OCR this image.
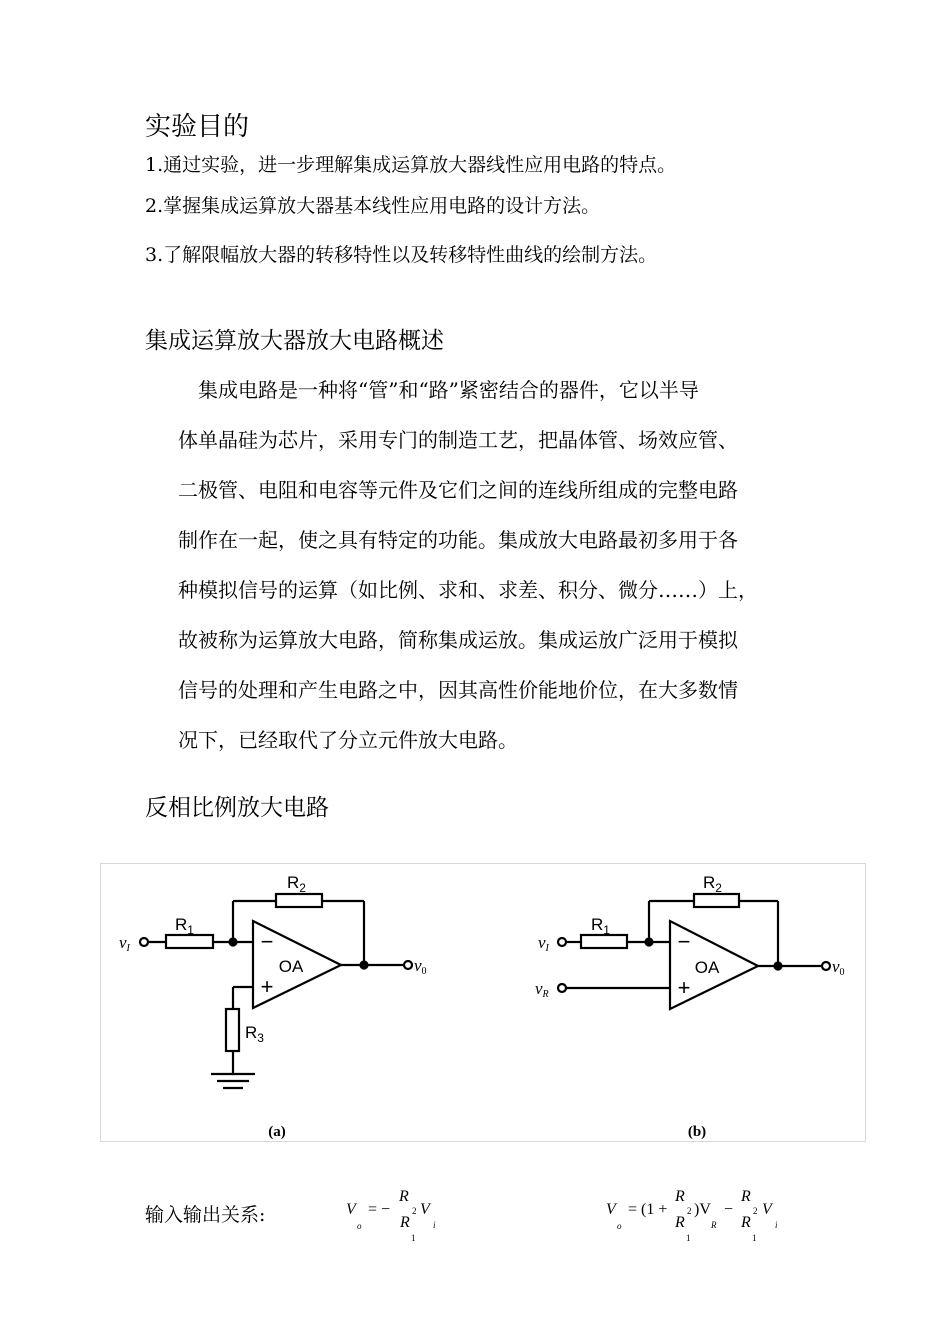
实验目的
1.通过实验，进一步理解集成运算放大器线性应用电路的特点。
2.掌握集成运算放大器基本线性应用电路的设计方法。
3.了解限幅放大器的转移特性以及转移特性曲线的绘制方法。
集成运算放大器放大电路概述
集成电路是一种将“管”和“路”紧密结合的器件，它以半导
体单晶硅为芯片，采用专门的制造工艺，把晶体管、场效应管、
二极管、电阻和电容等元件及它们之间的连线所组成的完整电路
制作在一起，使之具有特定的功能。集成放大电路最初多用于各
种模拟信号的运算（如比例、求和、求差、积分、微分……）上，
故被称为运算放大电路，简称集成运放。集成运放广泛用于模拟
信号的处理和产生电路之中，因其高性价能地价位，在大多数情
况下，已经取代了分立元件放大电路。
反相比例放大电路
−
+
OA
$R_1$
$R_2$
$R_3$
vI
v0
(a)
−
+
OA
$R_1$
$R_2$
vI
vR
v0
(b)
输入输出关系:	V
o
= −
R
2
R
1
V
i
V
o
= (1 +
R
2
R
1
)V
R
−
R
2
R
1
V
i
